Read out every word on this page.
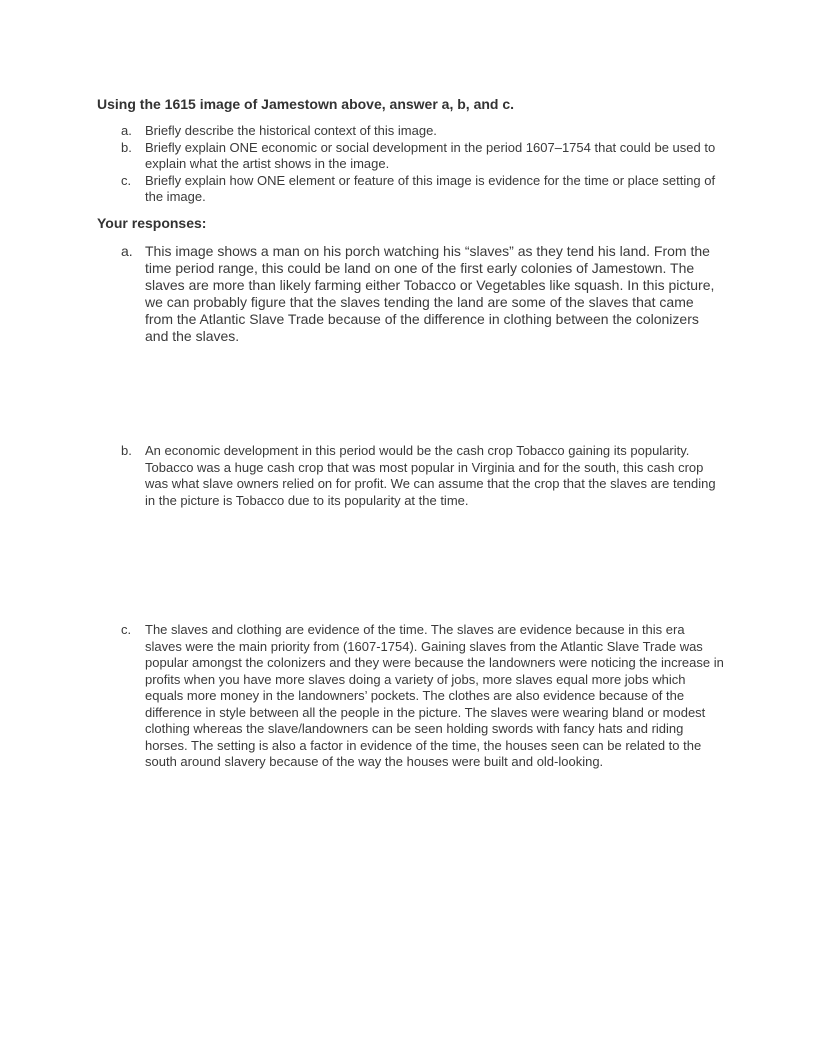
Using the 1615 image of Jamestown above, answer a, b, and c.
a. Briefly describe the historical context of this image.
b. Briefly explain ONE economic or social development in the period 1607–1754 that could be used to explain what the artist shows in the image.
c. Briefly explain how ONE element or feature of this image is evidence for the time or place setting of the image.
Your responses:
a. This image shows a man on his porch watching his “slaves” as they tend his land. From the time period range, this could be land on one of the first early colonies of Jamestown. The slaves are more than likely farming either Tobacco or Vegetables like squash. In this picture, we can probably figure that the slaves tending the land are some of the slaves that came from the Atlantic Slave Trade because of the difference in clothing between the colonizers and the slaves.
b. An economic development in this period would be the cash crop Tobacco gaining its popularity. Tobacco was a huge cash crop that was most popular in Virginia and for the south, this cash crop was what slave owners relied on for profit. We can assume that the crop that the slaves are tending in the picture is Tobacco due to its popularity at the time.
c. The slaves and clothing are evidence of the time. The slaves are evidence because in this era slaves were the main priority from (1607-1754). Gaining slaves from the Atlantic Slave Trade was popular amongst the colonizers and they were because the landowners were noticing the increase in profits when you have more slaves doing a variety of jobs, more slaves equal more jobs which equals more money in the landowners’ pockets. The clothes are also evidence because of the difference in style between all the people in the picture. The slaves were wearing bland or modest clothing whereas the slave/landowners can be seen holding swords with fancy hats and riding horses. The setting is also a factor in evidence of the time, the houses seen can be related to the south around slavery because of the way the houses were built and old-looking.
